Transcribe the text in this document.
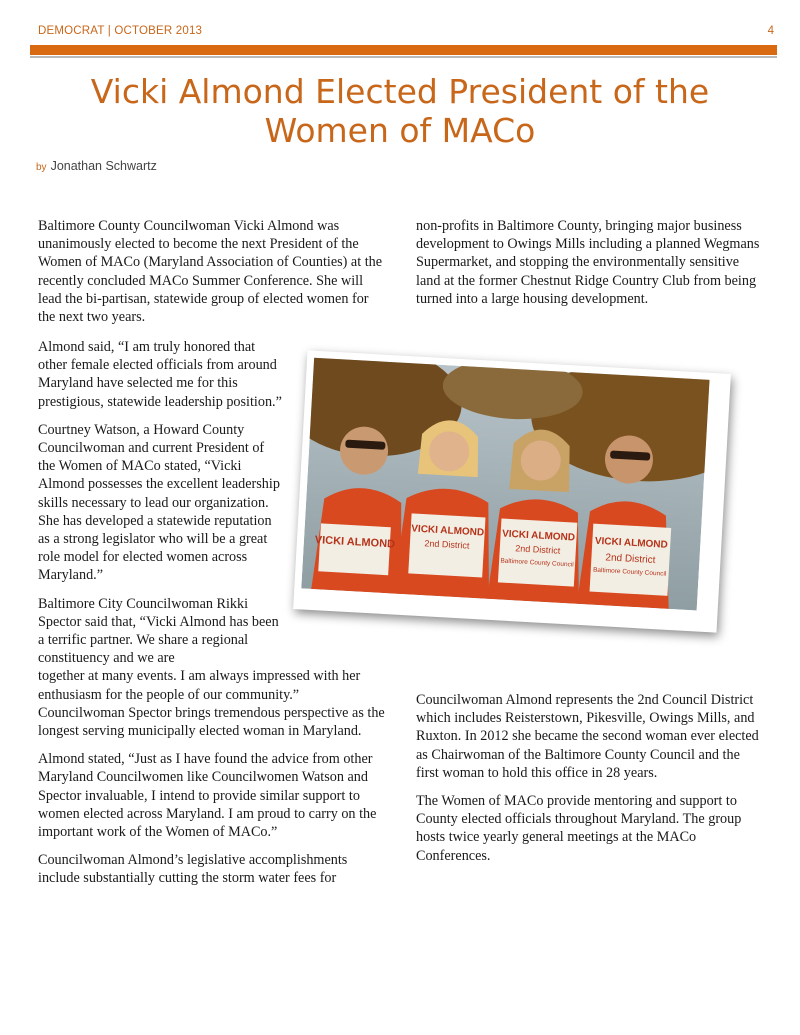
DEMOCRAT | OCTOBER 2013	4
Vicki Almond Elected President of the
Women of MACo
by Jonathan Schwartz

Baltimore County Councilwoman Vicki Almond was unanimously elected to become the next President of the Women of MACo (Maryland Association of Counties) at the recently concluded MACo Summer Conference. She will lead the bi-partisan, statewide group of elected women for the next two years.

Almond said, “I am truly honored that other female elected officials from around Maryland have selected me for this prestigious, statewide leadership position.”

Courtney Watson, a Howard County Councilwoman and current President of the Women of MACo stated, “Vicki Almond possesses the excellent leadership skills necessary to lead our organization. She has developed a statewide reputation as a strong legislator who will be a great role model for elected women across Maryland.”

Baltimore City Councilwoman Rikki Spector said that, “Vicki Almond has been a terrific partner. We share a regional constituency and we are
together at many events. I am always impressed with her enthusiasm for the people of our community.” Councilwoman Spector brings tremendous perspective as the longest serving municipally elected woman in Maryland.

Almond stated, “Just as I have found the advice from other Maryland Councilwomen like Councilwomen Watson and Spector invaluable, I intend to provide similar support to women elected across Maryland. I am proud to carry on the important work of the Women of MACo.”

Councilwoman Almond’s legislative accomplishments include substantially cutting the storm water fees for

non-profits in Baltimore County, bringing major business development to Owings Mills including a planned Wegmans Supermarket, and stopping the environmentally sensitive land at the former Chestnut Ridge Country Club from being turned into a large housing development.

VICKI ALMOND
VICKI ALMOND
2nd District
VICKI ALMOND
2nd District
Baltimore County Council
VICKI ALMOND
2nd District
Baltimore County Council

Councilwoman Almond represents the 2nd Council District which includes Reisterstown, Pikesville, Owings Mills, and Ruxton. In 2012 she became the second woman ever elected as Chairwoman of the Baltimore County Council and the first woman to hold this office in 28 years.

The Women of MACo provide mentoring and support to County elected officials throughout Maryland. The group hosts twice yearly general meetings at the MACo Conferences.
